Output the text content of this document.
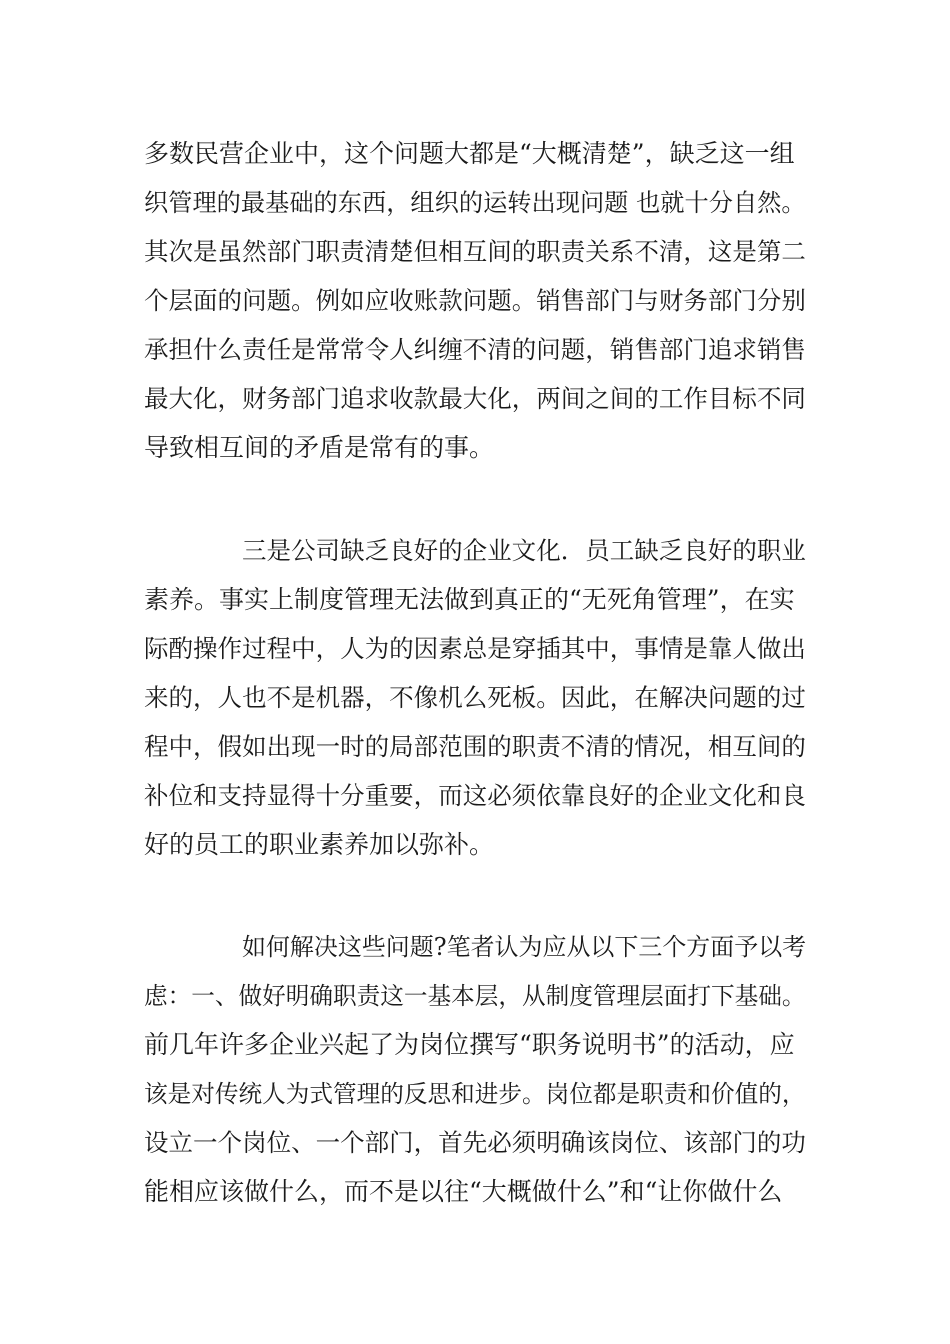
多数民营企业中，这个问题大都是“大概清楚”，缺乏这一组
织管理的最基础的东西，组织的运转出现问题 也就十分自然。
其次是虽然部门职责清楚但相互间的职责关系不清，这是第二
个层面的问题。例如应收账款问题。销售部门与财务部门分别
承担什么责任是常常令人纠缠不清的问题，销售部门追求销售
最大化，财务部门追求收款最大化，两间之间的工作目标不同
导致相互间的矛盾是常有的事。
三是公司缺乏良好的企业文化．员工缺乏良好的职业
素养。事实上制度管理无法做到真正的“无死角管理”，在实
际酌操作过程中，人为的因素总是穿插其中，事情是靠人做出
来的，人也不是机器，不像机么死板。因此，在解决问题的过
程中，假如出现一时的局部范围的职责不清的情况，相互间的
补位和支持显得十分重要，而这必须依靠良好的企业文化和良
好的员工的职业素养加以弥补。
如何解决这些问题?笔者认为应从以下三个方面予以考
虑：一、做好明确职责这一基本层，从制度管理层面打下基础。
前几年许多企业兴起了为岗位撰写“职务说明书”的活动，应
该是对传统人为式管理的反思和进步。岗位都是职责和价值的，
设立一个岗位、一个部门，首先必须明确该岗位、该部门的功
能相应该做什么，而不是以往“大概做什么”和“让你做什么
